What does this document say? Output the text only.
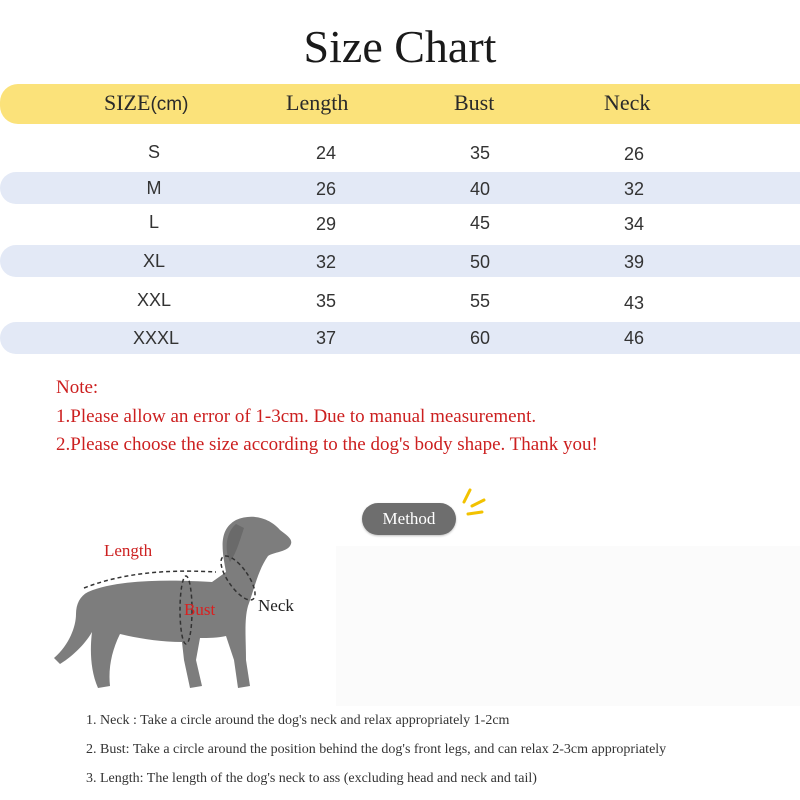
Size Chart
SIZE(cm)	Length	Bust	Neck
S	24	35	26
M	26	40	32
L	29	45	34
XL	32	50	39
XXL	35	55	43
XXXL	37	60	46
Note:
1.Please allow an error of 1-3cm. Due to manual measurement.
2.Please choose the size according to the dog's body shape. Thank you!
Method
Length
Bust	Neck
1. Neck : Take a circle around the dog's neck and relax appropriately 1-2cm
2. Bust: Take a circle around the position behind the dog's front legs, and can relax 2-3cm appropriately
3. Length: The length of the dog's neck to ass (excluding head and neck and tail)
